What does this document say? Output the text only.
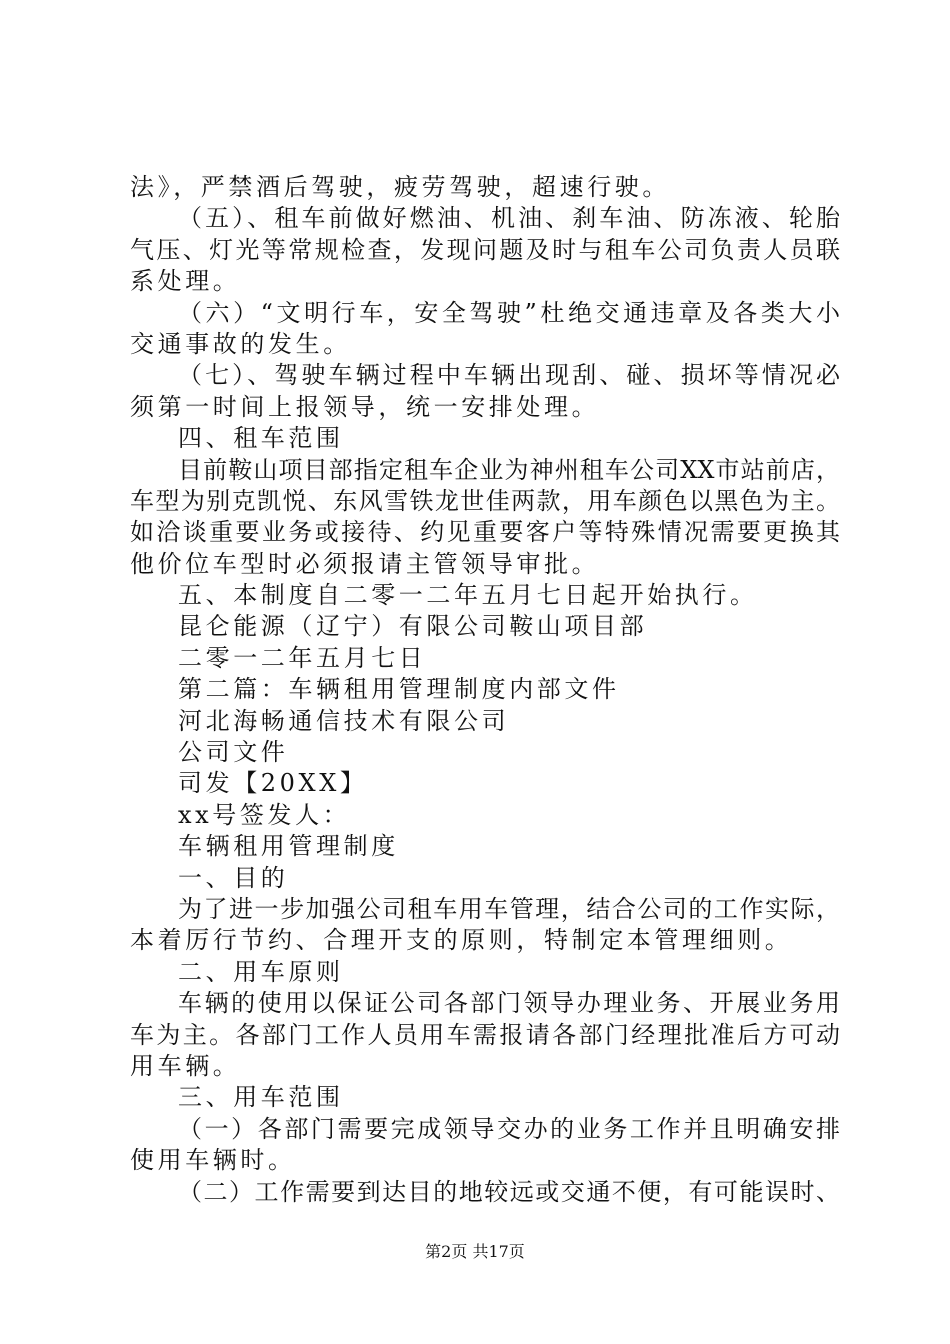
法》，严禁酒后驾驶，疲劳驾驶，超速行驶。
（五）、租车前做好燃油、机油、刹车油、防冻液、轮胎
气压、灯光等常规检查，发现问题及时与租车公司负责人员联
系处理。
（六）“文明行车，安全驾驶”杜绝交通违章及各类大小
交通事故的发生。
（七）、驾驶车辆过程中车辆出现刮、碰、损坏等情况必
须第一时间上报领导，统一安排处理。
四、租车范围
目前鞍山项目部指定租车企业为神州租车公司XX市站前店，
车型为别克凯悦、东风雪铁龙世佳两款，用车颜色以黑色为主。
如洽谈重要业务或接待、约见重要客户等特殊情况需要更换其
他价位车型时必须报请主管领导审批。
五、本制度自二零一二年五月七日起开始执行。
昆仑能源（辽宁）有限公司鞍山项目部
二零一二年五月七日
第二篇：车辆租用管理制度内部文件
河北海畅通信技术有限公司
公司文件
司发【20XX】
xx号签发人：
车辆租用管理制度
一、目的
为了进一步加强公司租车用车管理，结合公司的工作实际，
本着厉行节约、合理开支的原则，特制定本管理细则。
二、用车原则
车辆的使用以保证公司各部门领导办理业务、开展业务用
车为主。各部门工作人员用车需报请各部门经理批准后方可动
用车辆。
三、用车范围
（一）各部门需要完成领导交办的业务工作并且明确安排
使用车辆时。
（二）工作需要到达目的地较远或交通不便，有可能误时、
第2页 共17页
